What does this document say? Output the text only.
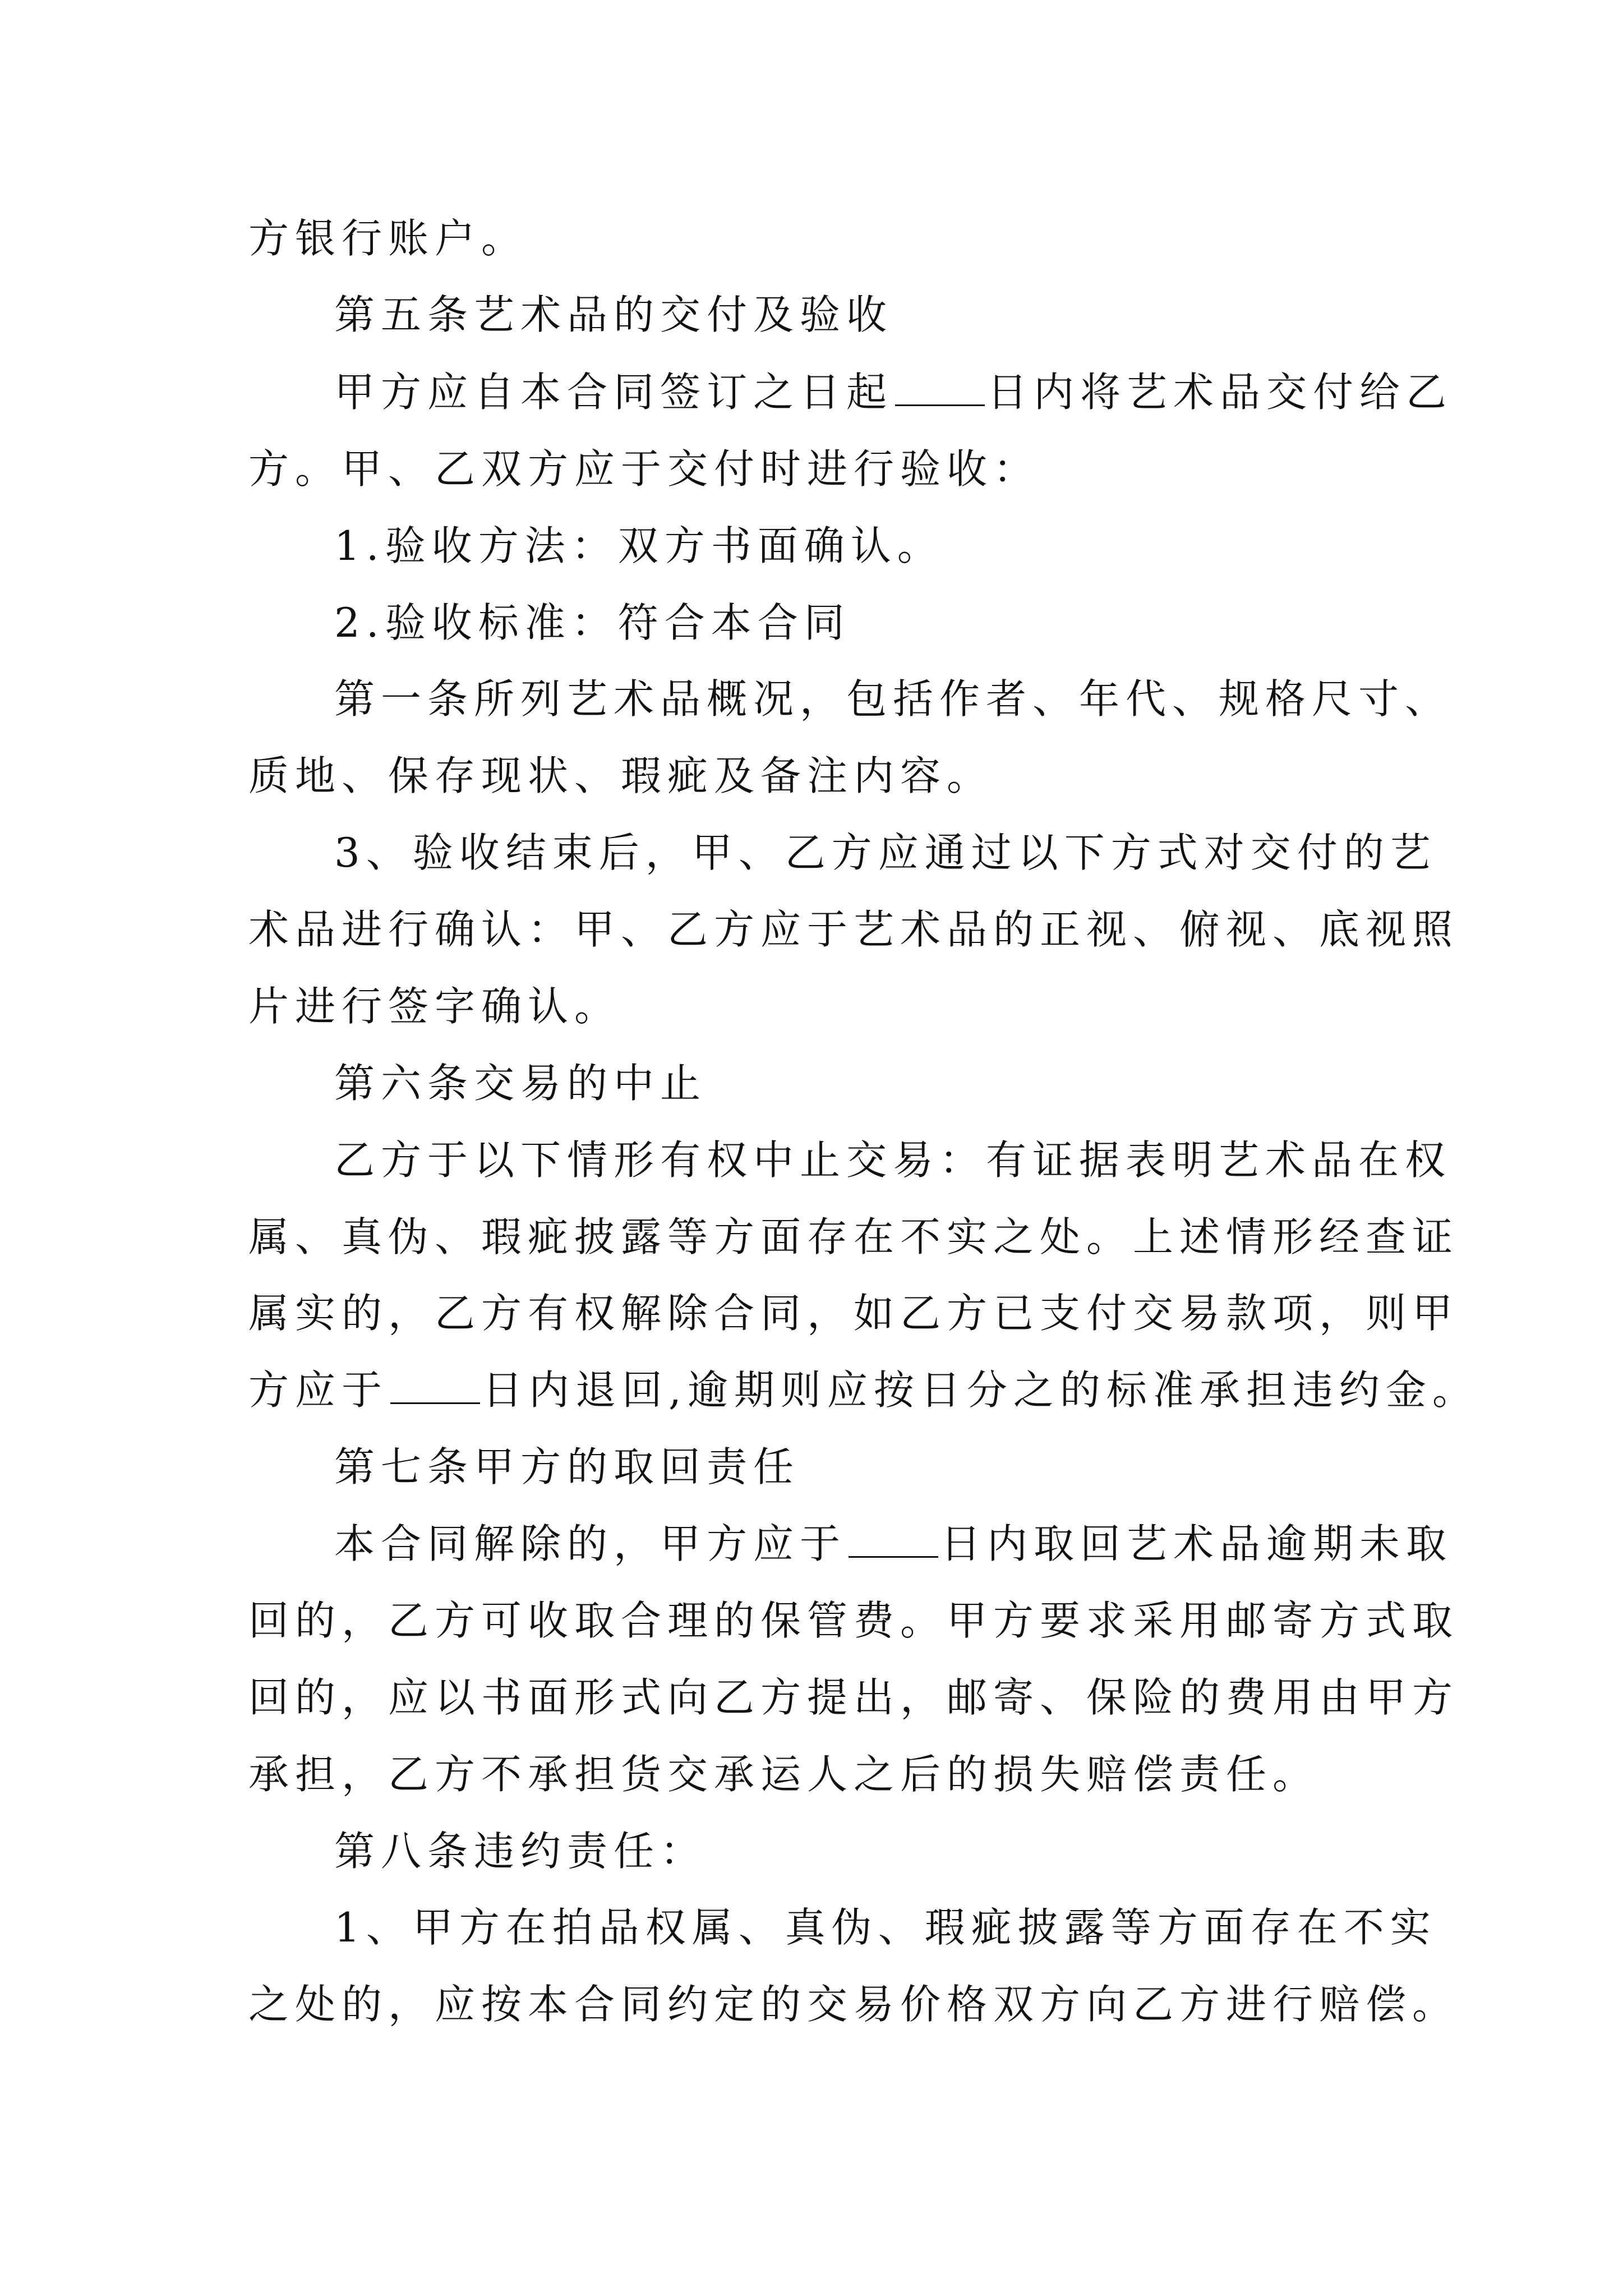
方银行账户。
第五条艺术品的交付及验收
甲方应自本合同签订之日起 日内将艺术品交付给乙
方。甲、乙双方应于交付时进行验收：
1.验收方法：双方书面确认。
2.验收标准：符合本合同
第一条所列艺术品概况，包括作者、年代、规格尺寸、
质地、保存现状、瑕疵及备注内容。
3、验收结束后，甲、乙方应通过以下方式对交付的艺
术品进行确认：甲、乙方应于艺术品的正视、俯视、底视照
片进行签字确认。
第六条交易的中止
乙方于以下情形有权中止交易：有证据表明艺术品在权
属、真伪、瑕疵披露等方面存在不实之处。上述情形经查证
属实的，乙方有权解除合同，如乙方已支付交易款项，则甲
方应于 日内退回,逾期则应按日分之的标准承担违约金。
第七条甲方的取回责任
本合同解除的，甲方应于 日内取回艺术品逾期未取
回的，乙方可收取合理的保管费。甲方要求采用邮寄方式取
回的，应以书面形式向乙方提出，邮寄、保险的费用由甲方
承担，乙方不承担货交承运人之后的损失赔偿责任。
第八条违约责任：
1、甲方在拍品权属、真伪、瑕疵披露等方面存在不实
之处的，应按本合同约定的交易价格双方向乙方进行赔偿。
